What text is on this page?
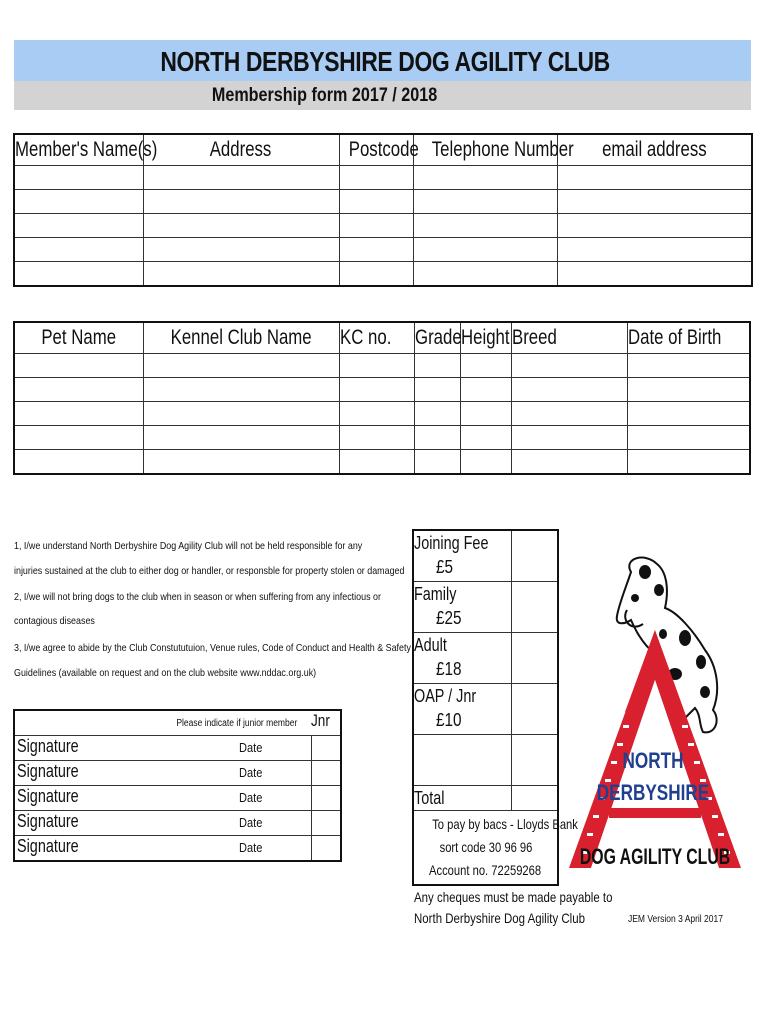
NORTH DERBYSHIRE DOG AGILITY CLUB
Membership form 2017 / 2018
Member's Name(s)	Address	Postcode	Telephone Number	email address

Pet Name	Kennel Club Name	KC no.	Grade	Height	Breed	Date of Birth

1, I/we understand North Derbyshire Dog Agility Club will not be held responsible for any
injuries sustained at the club to either dog or handler, or responsble for property stolen or damaged
2, I/we will not bring dogs to the club when in season or when suffering from any infectious or
contagious diseases
3, I/we agree to abide by the Club Constututuion, Venue rules, Code of Conduct and Health & Safety
Guidelines (available on request and on the club website www.nddac.org.uk)
Please indicate if junior member	Jnr

Signature Date	

Signature Date	

Signature Date	

Signature Date	

Signature Date	

Joining Fee
£5	

Family
£25	

Adult
£18	

OAP / Jnr
£10	

Total	

To pay by bacs - Lloyds Bank
sort code 30 96 96
Account no. 72259268	
Any cheques must be made payable to
North Derbyshire Dog Agility Club	JEM Version 3 April 2017
NORTH
DERBYSHIRE
DOG AGILITY CLUB
